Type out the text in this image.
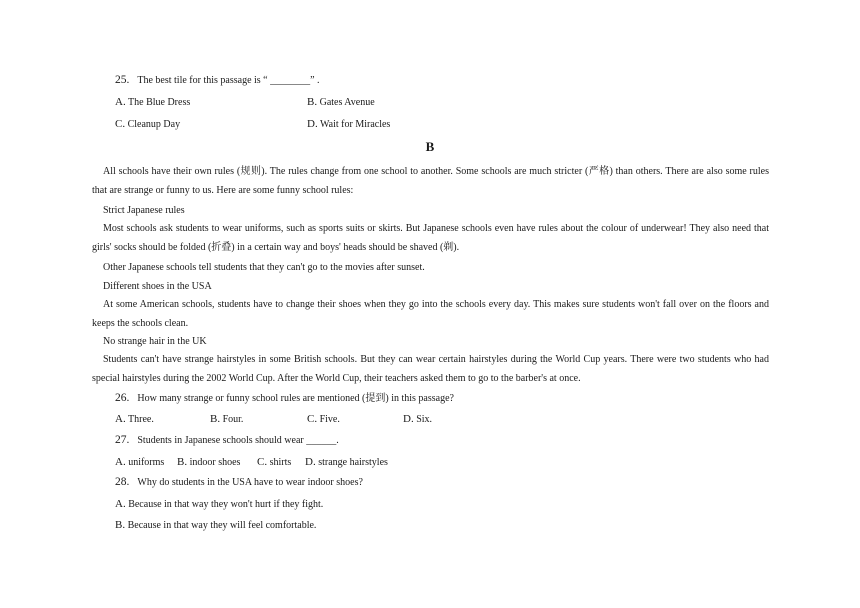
25. The best tile for this passage is “ ________” .
A. The Blue Dress	B. Gates Avenue
C. Cleanup Day	D. Wait for Miracles
B
All schools have their own rules (规则). The rules change from one school to another. Some schools are much stricter (严格) than others. There are also some rules that are strange or funny to us. Here are some funny school rules:
Strict Japanese rules
Most schools ask students to wear uniforms, such as sports suits or skirts. But Japanese schools even have rules about the colour of underwear! They also need that girls' socks should be folded (折叠) in a certain way and boys' heads should be shaved (剃).
Other Japanese schools tell students that they can't go to the movies after sunset.
Different shoes in the USA
At some American schools, students have to change their shoes when they go into the schools every day. This makes sure students won't fall over on the floors and keeps the schools clean.
No strange hair in the UK
Students can't have strange hairstyles in some British schools. But they can wear certain hairstyles during the World Cup years. There were two students who had special hairstyles during the 2002 World Cup. After the World Cup, their teachers asked them to go to the barber's at once.
26. How many strange or funny school rules are mentioned (提到) in this passage?
A. Three.	B. Four.	C. Five.	D. Six.
27. Students in Japanese schools should wear ______.
A. uniforms B. indoor shoes C. shirts D. strange hairstyles
28. Why do students in the USA have to wear indoor shoes?
A. Because in that way they won't hurt if they fight.
B. Because in that way they will feel comfortable.
